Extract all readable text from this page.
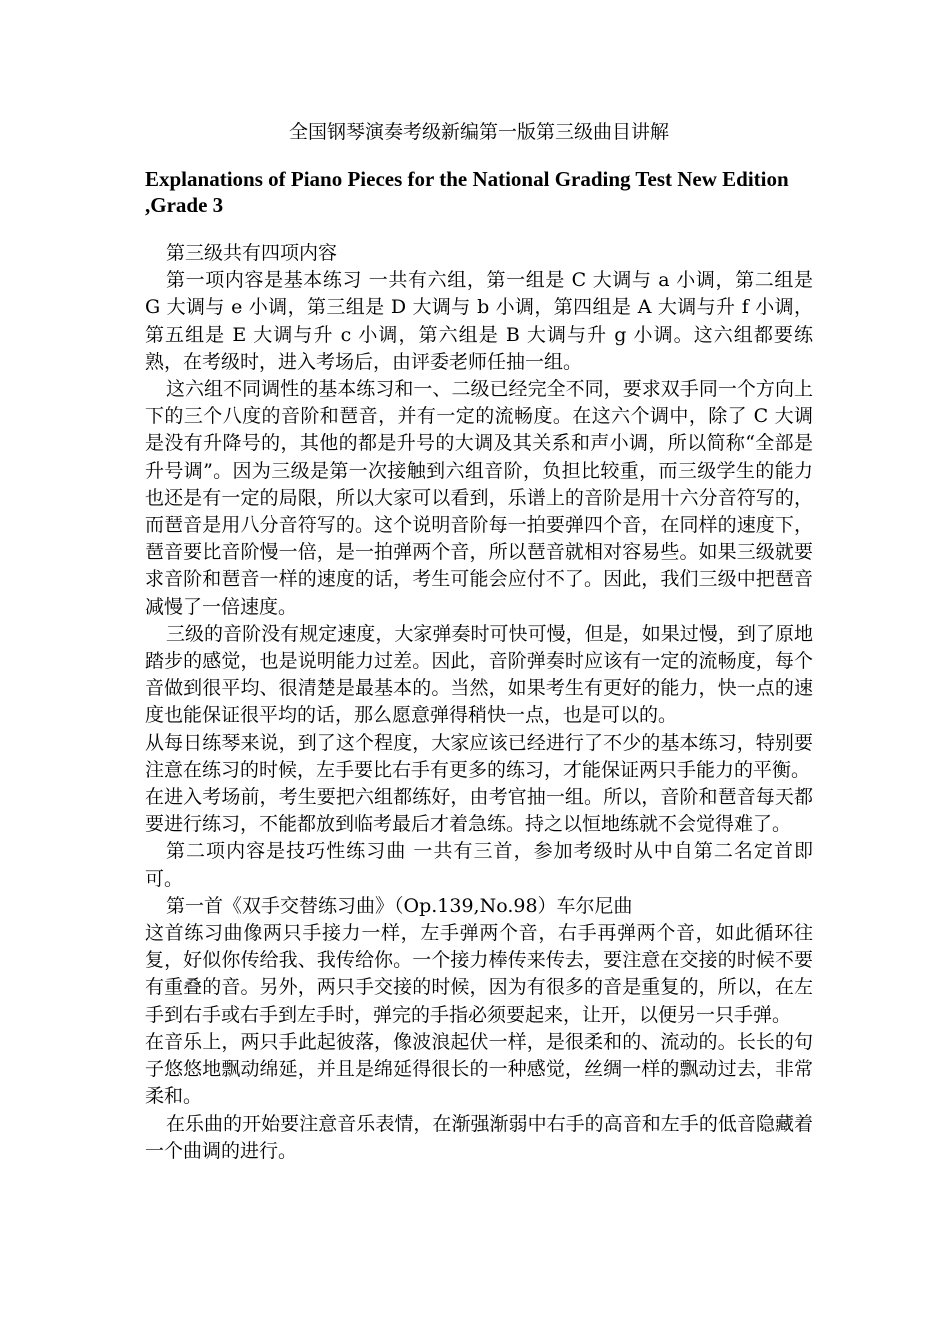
全国钢琴演奏考级新编第一版第三级曲目讲解
Explanations of Piano Pieces for the National Grading Test New Edition ,Grade 3

第三级共有四项内容

第一项内容是基本练习 一共有六组，第一组是 C 大调与 a 小调，第二组是 G 大调与 e 小调，第三组是 D 大调与 b 小调，第四组是 A 大调与升 f 小调，第五组是 E 大调与升 c 小调，第六组是 B 大调与升 g 小调。这六组都要练熟，在考级时，进入考场后，由评委老师任抽一组。

这六组不同调性的基本练习和一、二级已经完全不同，要求双手同一个方向上下的三个八度的音阶和琶音，并有一定的流畅度。在这六个调中，除了 C 大调是没有升降号的，其他的都是升号的大调及其关系和声小调，所以简称“全部是升号调”。因为三级是第一次接触到六组音阶，负担比较重，而三级学生的能力也还是有一定的局限，所以大家可以看到，乐谱上的音阶是用十六分音符写的，而琶音是用八分音符写的。这个说明音阶每一拍要弹四个音，在同样的速度下，琶音要比音阶慢一倍，是一拍弹两个音，所以琶音就相对容易些。如果三级就要求音阶和琶音一样的速度的话，考生可能会应付不了。因此，我们三级中把琶音减慢了一倍速度。

三级的音阶没有规定速度，大家弹奏时可快可慢，但是，如果过慢，到了原地踏步的感觉，也是说明能力过差。因此，音阶弹奏时应该有一定的流畅度，每个音做到很平均、很清楚是最基本的。当然，如果考生有更好的能力，快一点的速度也能保证很平均的话，那么愿意弹得稍快一点，也是可以的。

从每日练琴来说，到了这个程度，大家应该已经进行了不少的基本练习，特别要注意在练习的时候，左手要比右手有更多的练习，才能保证两只手能力的平衡。

在进入考场前，考生要把六组都练好，由考官抽一组。所以，音阶和琶音每天都要进行练习，不能都放到临考最后才着急练。持之以恒地练就不会觉得难了。

第二项内容是技巧性练习曲 一共有三首，参加考级时从中自第二名定首即可。

第一首《双手交替练习曲》（Op.139,No.98）车尔尼曲

这首练习曲像两只手接力一样，左手弹两个音，右手再弹两个音，如此循环往复，好似你传给我、我传给你。一个接力棒传来传去，要注意在交接的时候不要有重叠的音。另外，两只手交接的时候，因为有很多的音是重复的，所以，在左手到右手或右手到左手时，弹完的手指必须要起来，让开，以便另一只手弹。

在音乐上，两只手此起彼落，像波浪起伏一样，是很柔和的、流动的。长长的句子悠悠地飘动绵延，并且是绵延得很长的一种感觉，丝绸一样的飘动过去，非常柔和。

在乐曲的开始要注意音乐表情，在渐强渐弱中右手的高音和左手的低音隐藏着一个曲调的进行。
